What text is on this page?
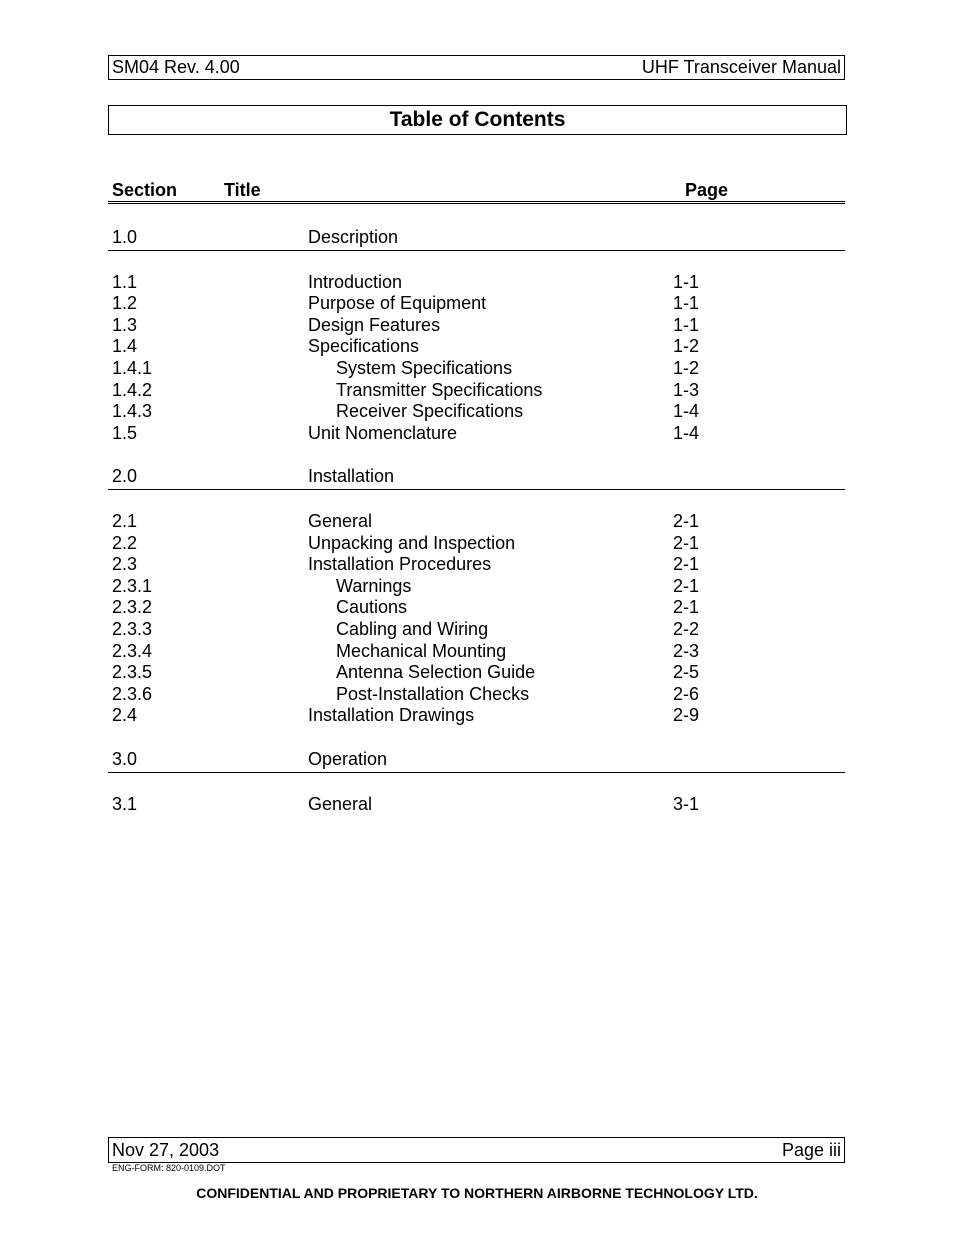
SM04 Rev. 4.00	UHF Transceiver Manual
Table of Contents
Section	Title	Page
1.0	Description
1.1	Introduction	1-1
1.2	Purpose of Equipment	1-1
1.3	Design Features	1-1
1.4	Specifications	1-2
1.4.1	System Specifications	1-2
1.4.2	Transmitter Specifications	1-3
1.4.3	Receiver Specifications	1-4
1.5	Unit Nomenclature	1-4
2.0	Installation
2.1	General	2-1
2.2	Unpacking and Inspection	2-1
2.3	Installation Procedures	2-1
2.3.1	Warnings	2-1
2.3.2	Cautions	2-1
2.3.3	Cabling and Wiring	2-2
2.3.4	Mechanical Mounting	2-3
2.3.5	Antenna Selection Guide	2-5
2.3.6	Post-Installation Checks	2-6
2.4	Installation Drawings	2-9
3.0	Operation
3.1	General	3-1
Nov 27, 2003	Page iii
ENG-FORM: 820-0109.DOT
CONFIDENTIAL AND PROPRIETARY TO NORTHERN AIRBORNE TECHNOLOGY LTD.
